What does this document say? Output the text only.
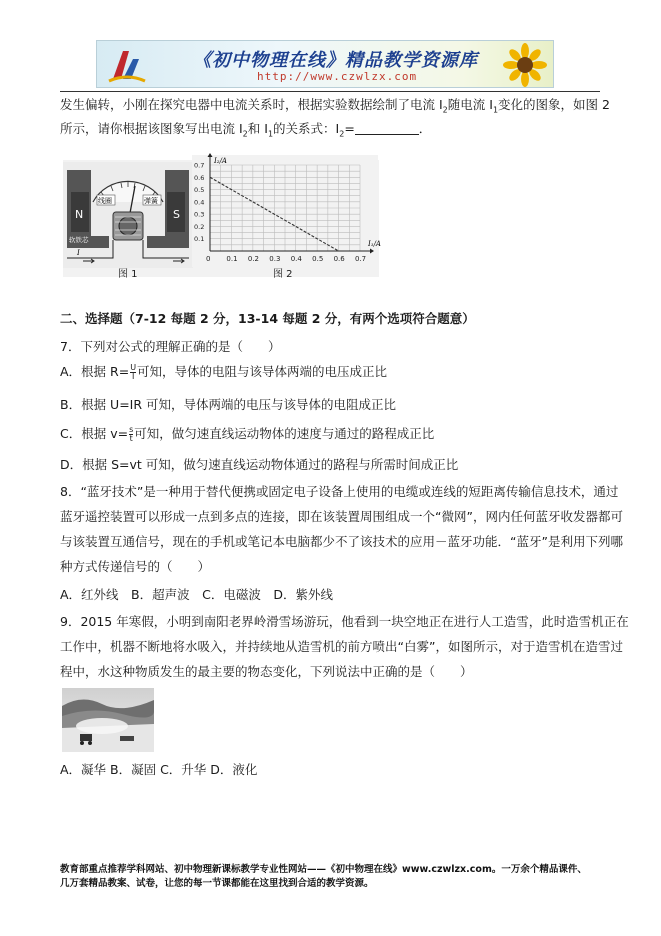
《初中物理在线》精品教学资源库
http://www.czwlzx.com
发生偏转，小刚在探究电器中电流关系时，根据实验数据绘制了电流 $I_2$随电流 $I_1$变化的图象，如图 2
所示，请你根据该图象写出电流 $I_2$和 $I_1$的关系式：$I_2=$	．
N	S
线圈	弹簧
软铁芯
I
0 0.1 0.2 0.3 0.4 0.5 0.6 0.7
0.1
0.2
0.3
0.4
0.5
0.6
0.7
I₂/A
I₁/A
图 1	图 2
二、选择题（7-12 每题 2 分，13-14 每题 2 分，有两个选项符合题意）
7．下列对公式的理解正确的是（　　）
A．根据 $R= \frac{U}{I}$ 可知，导体的电阻与该导体两端的电压成正比
B．根据 U=IR 可知，导体两端的电压与该导体的电阻成正比
C．根据 $v= \frac{s}{t}$ 可知，做匀速直线运动物体的速度与通过的路程成正比
D．根据 S=vt 可知，做匀速直线运动物体通过的路程与所需时间成正比
8．“蓝牙技术”是一种用于替代便携或固定电子设备上使用的电缆或连线的短距离传输信息技术，通过
蓝牙遥控装置可以形成一点到多点的连接，即在该装置周围组成一个“微网”，网内任何蓝牙收发器都可
与该装置互通信号，现在的手机或笔记本电脑都少不了该技术的应用－蓝牙功能．“蓝牙”是利用下列哪
种方式传递信号的（　　）
A．红外线　B．超声波　C．电磁波　D．紫外线
9．2015 年寒假，小明到南阳老界岭滑雪场游玩，他看到一块空地正在进行人工造雪，此时造雪机正在
工作中，机器不断地将水吸入，并持续地从造雪机的前方喷出“白雾”，如图所示，对于造雪机在造雪过
程中，水这种物质发生的最主要的物态变化，下列说法中正确的是（　　）
A．凝华 B．凝固 C．升华 D．液化
教育部重点推荐学科网站、初中物理新课标教学专业性网站——《初中物理在线》www.czwlzx.com。一万余个精品课件、
几万套精品教案、试卷，让您的每一节课都能在这里找到合适的教学资源。
